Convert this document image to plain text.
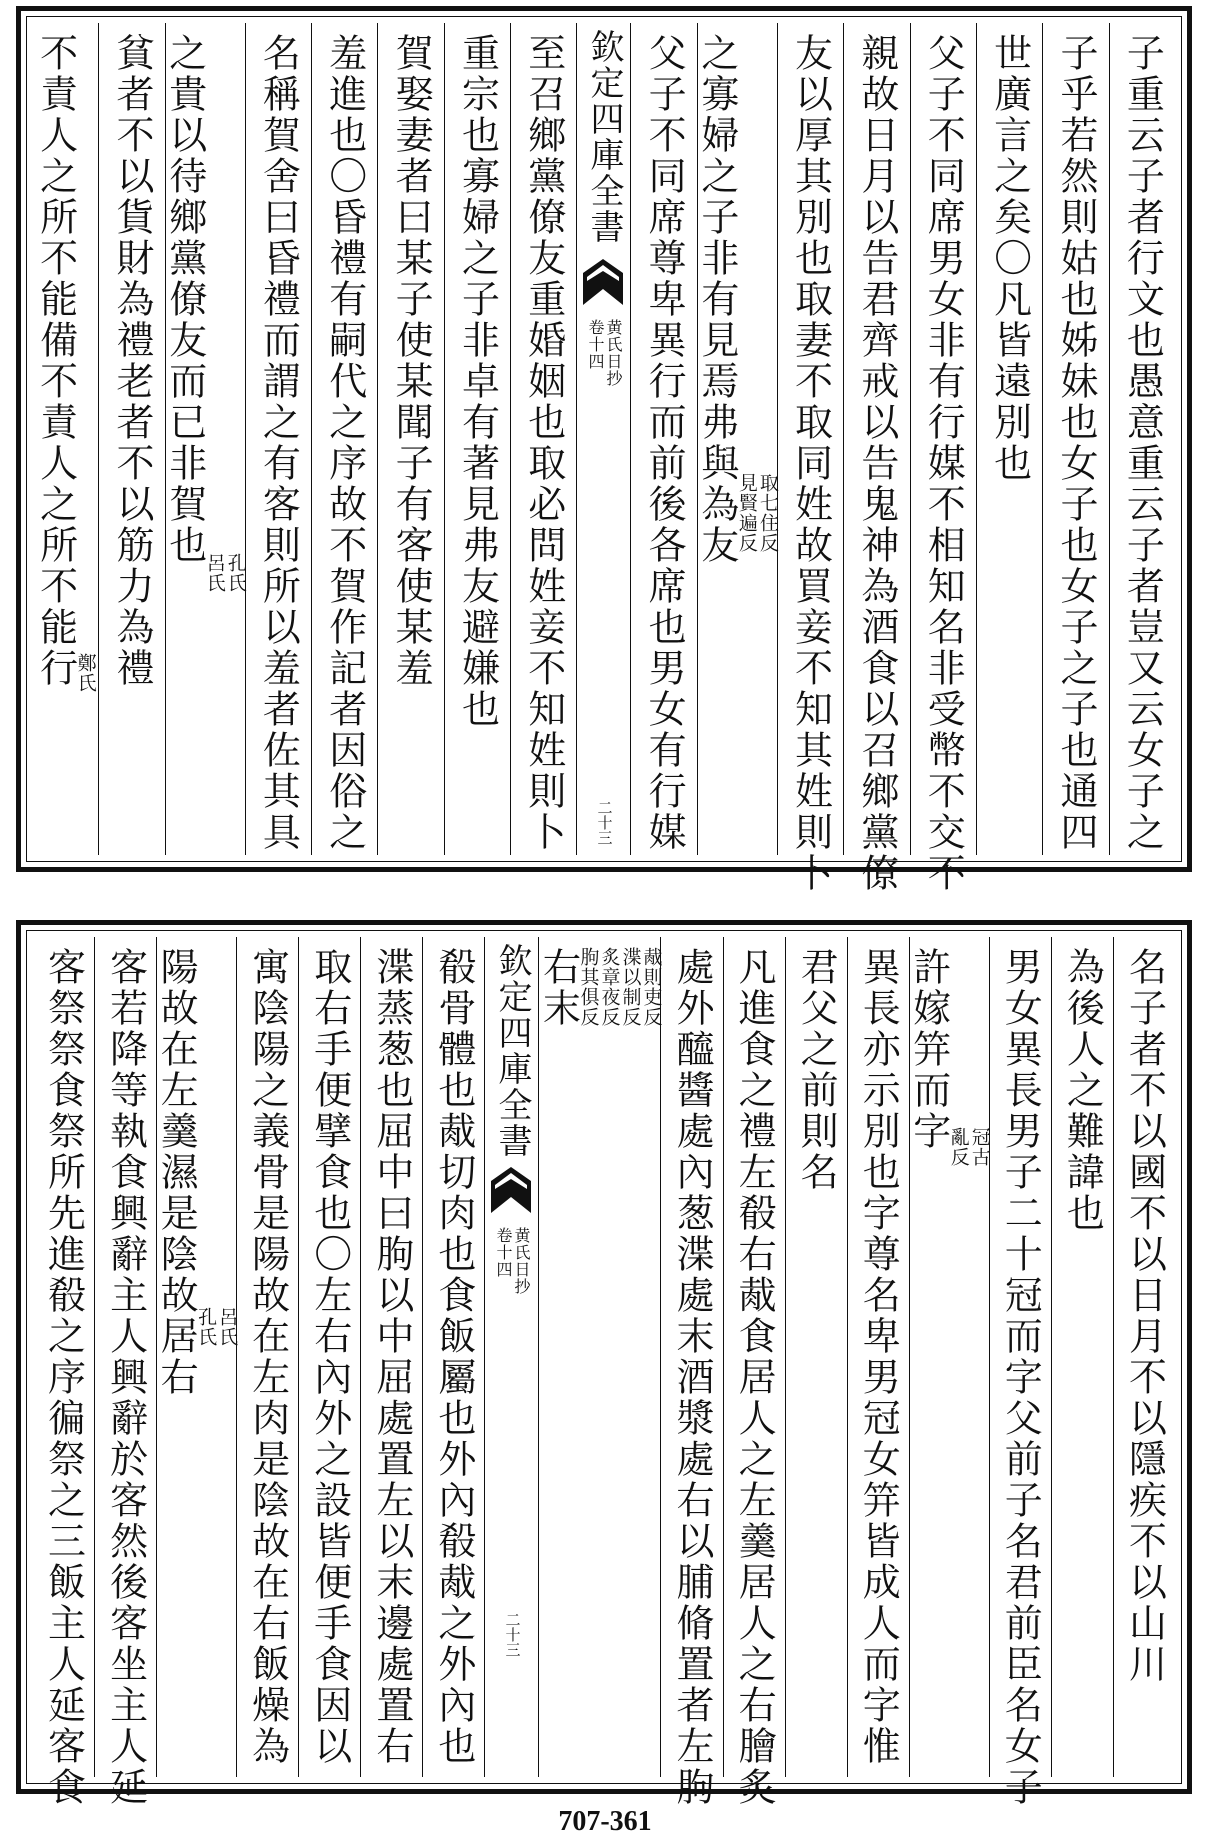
子重云子者行文也愚意重云子者豈又云女子之
子乎若然則姑也姊妹也女子也女子之子也通四
世廣言之矣〇凡皆遠別也
父子不同席男女非有行媒不相知名非受幣不交不
親故日月以告君齊戒以告鬼神為酒食以召鄉黨僚
友以厚其別也取妻不取同姓故買妾不知其姓則卜
之寡婦之子非有見焉弗與為友 取七住反
見賢遍反
父子不同席尊卑異行而前後各席也男女有行媒
欽定四庫全書
黄氏日抄
卷十四
二十三
至召鄉黨僚友重婚姻也取必問姓妾不知姓則卜
重宗也寡婦之子非卓有著見弗友避嫌也
賀娶妻者曰某子使某聞子有客使某羞
羞進也〇昏禮有嗣代之序故不賀作記者因俗之
名稱賀舍曰昏禮而謂之有客則所以羞者佐其具
之貴以待鄉黨僚友而已非賀也
孔氏
呂氏
貧者不以貨財為禮老者不以筋力為禮
不責人之所不能備不責人之所不能行
鄭氏
名子者不以國不以日月不以隱疾不以山川
為後人之難諱也
男女異長男子二十冠而字父前子名君前臣名女子
許嫁笄而字 冠古
亂反
異長亦示別也字尊名卑男冠女笄皆成人而字惟
君父之前則名
凡進食之禮左殽右胾食居人之左羹居人之右膾炙
處外醯醬處內葱渫處末酒漿處右以脯脩置者左朐
右末	胾則吏反
渫以制反
炙章夜反
朐其俱反
欽定四庫全書
黄氏日抄
卷十四
二十三
殽骨體也胾切肉也食飯屬也外內殽胾之外內也
渫蒸葱也屈中曰朐以中屈處置左以末邊處置右
取右手便擘食也〇左右內外之設皆便手食因以
寓陰陽之義骨是陽故在左肉是陰故在右飯燥為
陽故在左羹濕是陰故居右 呂氏
孔氏
客若降等執食興辭主人興辭於客然後客坐主人延
客祭祭食祭所先進殽之序徧祭之三飯主人延客食
707-361
